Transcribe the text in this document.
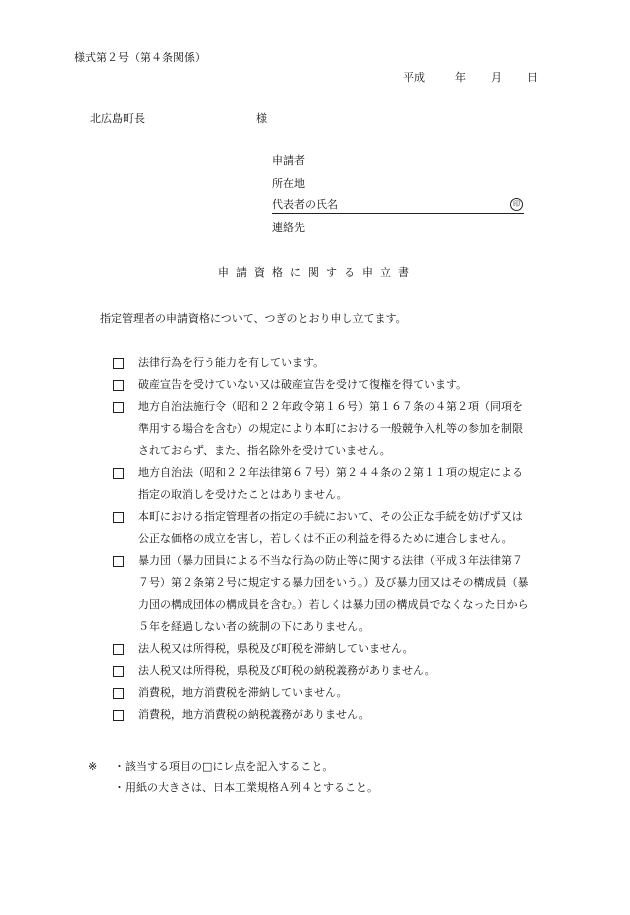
様式第２号（第４条関係）
平成	年 月 日
北広島町長	様
申請者
所在地
代表者の氏名	印
連絡先
申請資格に関する申立書
指定管理者の申請資格について、つぎのとおり申し立てます。
法律行為を行う能力を有しています。
破産宣告を受けていない又は破産宣告を受けて復権を得ています。
地方自治法施行令（昭和２２年政令第１６号）第１６７条の４第２項（同項を
準用する場合を含む）の規定により本町における一般競争入札等の参加を制限
されておらず、また、指名除外を受けていません。
地方自治法（昭和２２年法律第６７号）第２４４条の２第１１項の規定による
指定の取消しを受けたことはありません。
本町における指定管理者の指定の手続において、その公正な手続を妨げず又は
公正な価格の成立を害し，若しくは不正の利益を得るために連合しません。
暴力団（暴力団員による不当な行為の防止等に関する法律（平成３年法律第７
７号）第２条第２号に規定する暴力団をいう。）及び暴力団又はその構成員（暴
力団の構成団体の構成員を含む。）若しくは暴力団の構成員でなくなった日から
５年を経過しない者の統制の下にありません。
法人税又は所得税，県税及び町税を滞納していません。
法人税又は所得税，県税及び町税の納税義務がありません。
消費税，地方消費税を滞納していません。
消費税，地方消費税の納税義務がありません。
※ ・該当する項目の□にレ点を記入すること。
・用紙の大きさは、日本工業規格Ａ列４とすること。
